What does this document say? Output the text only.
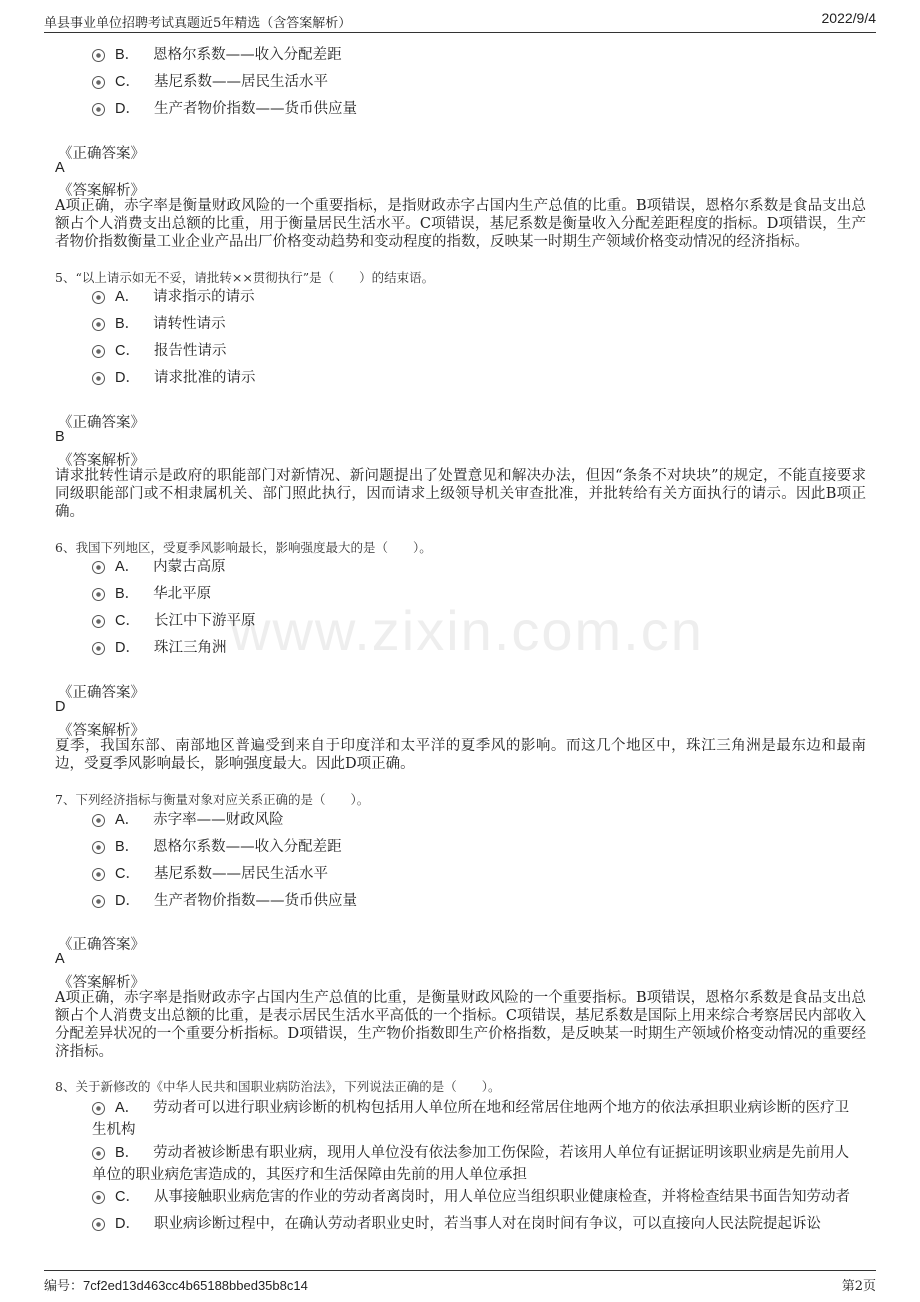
单县事业单位招聘考试真题近5年精选（含答案解析）	2022/9/4
www.zixin.com.cn
B． 恩格尔系数——收入分配差距
C． 基尼系数——居民生活水平
D． 生产者物价指数——货币供应量
《正确答案》
A
《答案解析》
A项正确，赤字率是衡量财政风险的一个重要指标，是指财政赤字占国内生产总值的比重。B项错误，恩格尔系数是食品支出总额占个人消费支出总额的比重，用于衡量居民生活水平。C项错误，基尼系数是衡量收入分配差距程度的指标。D项错误，生产者物价指数衡量工业企业产品出厂价格变动趋势和变动程度的指数，反映某一时期生产领域价格变动情况的经济指标。
5、“以上请示如无不妥，请批转××贯彻执行”是（　　）的结束语。
A． 请求指示的请示
B． 请转性请示
C． 报告性请示
D． 请求批准的请示
《正确答案》
B
《答案解析》
请求批转性请示是政府的职能部门对新情况、新问题提出了处置意见和解决办法，但因“条条不对块块”的规定，不能直接要求同级职能部门或不相隶属机关、部门照此执行，因而请求上级领导机关审查批准，并批转给有关方面执行的请示。因此B项正确。
6、我国下列地区，受夏季风影响最长，影响强度最大的是（　　）。
A． 内蒙古高原
B． 华北平原
C． 长江中下游平原
D． 珠江三角洲
《正确答案》
D
《答案解析》
夏季，我国东部、南部地区普遍受到来自于印度洋和太平洋的夏季风的影响。而这几个地区中，珠江三角洲是最东边和最南边，受夏季风影响最长，影响强度最大。因此D项正确。
7、下列经济指标与衡量对象对应关系正确的是（　　）。
A． 赤字率——财政风险
B． 恩格尔系数——收入分配差距
C． 基尼系数——居民生活水平
D． 生产者物价指数——货币供应量
《正确答案》
A
《答案解析》
A项正确，赤字率是指财政赤字占国内生产总值的比重，是衡量财政风险的一个重要指标。B项错误，恩格尔系数是食品支出总额占个人消费支出总额的比重，是表示居民生活水平高低的一个指标。C项错误，基尼系数是国际上用来综合考察居民内部收入分配差异状况的一个重要分析指标。D项错误，生产物价指数即生产价格指数，是反映某一时期生产领域价格变动情况的重要经济指标。
8、关于新修改的《中华人民共和国职业病防治法》，下列说法正确的是（　　）。
A． 劳动者可以进行职业病诊断的机构包括用人单位所在地和经常居住地两个地方的依法承担职业病诊断的医疗卫生机构
B． 劳动者被诊断患有职业病，现用人单位没有依法参加工伤保险，若该用人单位有证据证明该职业病是先前用人单位的职业病危害造成的，其医疗和生活保障由先前的用人单位承担
C． 从事接触职业病危害的作业的劳动者离岗时，用人单位应当组织职业健康检查，并将检查结果书面告知劳动者
D． 职业病诊断过程中，在确认劳动者职业史时，若当事人对在岗时间有争议，可以直接向人民法院提起诉讼
编号：7cf2ed13d463cc4b65188bbed35b8c14	第2页
